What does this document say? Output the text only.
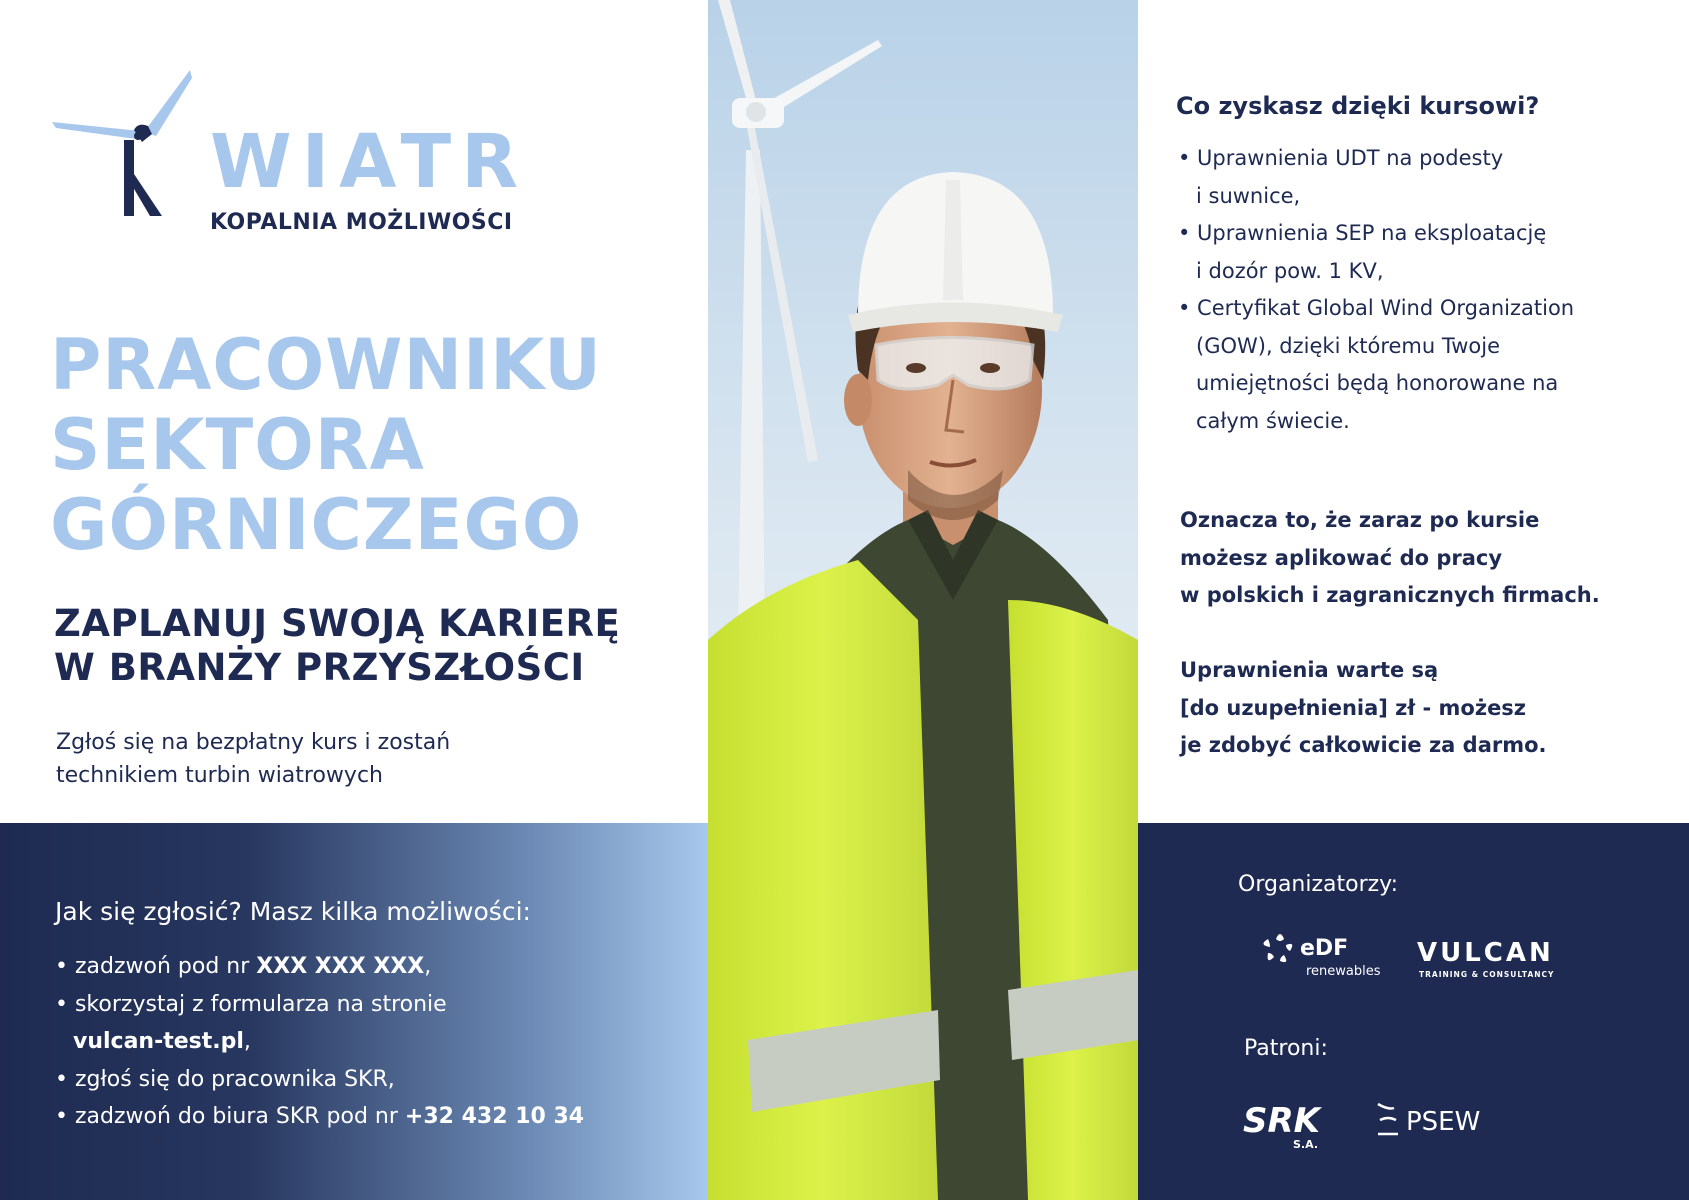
WIATR
KOPALNIA MOŻLIWOŚCI
PRACOWNIKU
SEKTORA
GÓRNICZEGO
ZAPLANUJ SWOJĄ KARIERĘ
W BRANŻY PRZYSZŁOŚCI
Zgłoś się na bezpłatny kurs i zostań
technikiem turbin wiatrowych
Jak się zgłosić? Masz kilka możliwości:
• zadzwoń pod nr XXX XXX XXX,
• skorzystaj z formularza na stronie
vulcan-test.pl,
• zgłoś się do pracownika SKR,
• zadzwoń do biura SKR pod nr +32 432 10 34
Co zyskasz dzięki kursowi?
• Uprawnienia UDT na podesty
i suwnice,
• Uprawnienia SEP na eksploatację
i dozór pow. 1 KV,
• Certyfikat Global Wind Organization
(GOW), dzięki któremu Twoje
umiejętności będą honorowane na
całym świecie.
Oznacza to, że zaraz po kursie
możesz aplikować do pracy
w polskich i zagranicznych firmach.
Uprawnienia warte są
[do uzupełnienia] zł - możesz
je zdobyć całkowicie za darmo.
Organizatorzy:
eDF
renewables
VULCAN
TRAINING & CONSULTANCY
Patroni:
SRK
S.A.
PSEW
